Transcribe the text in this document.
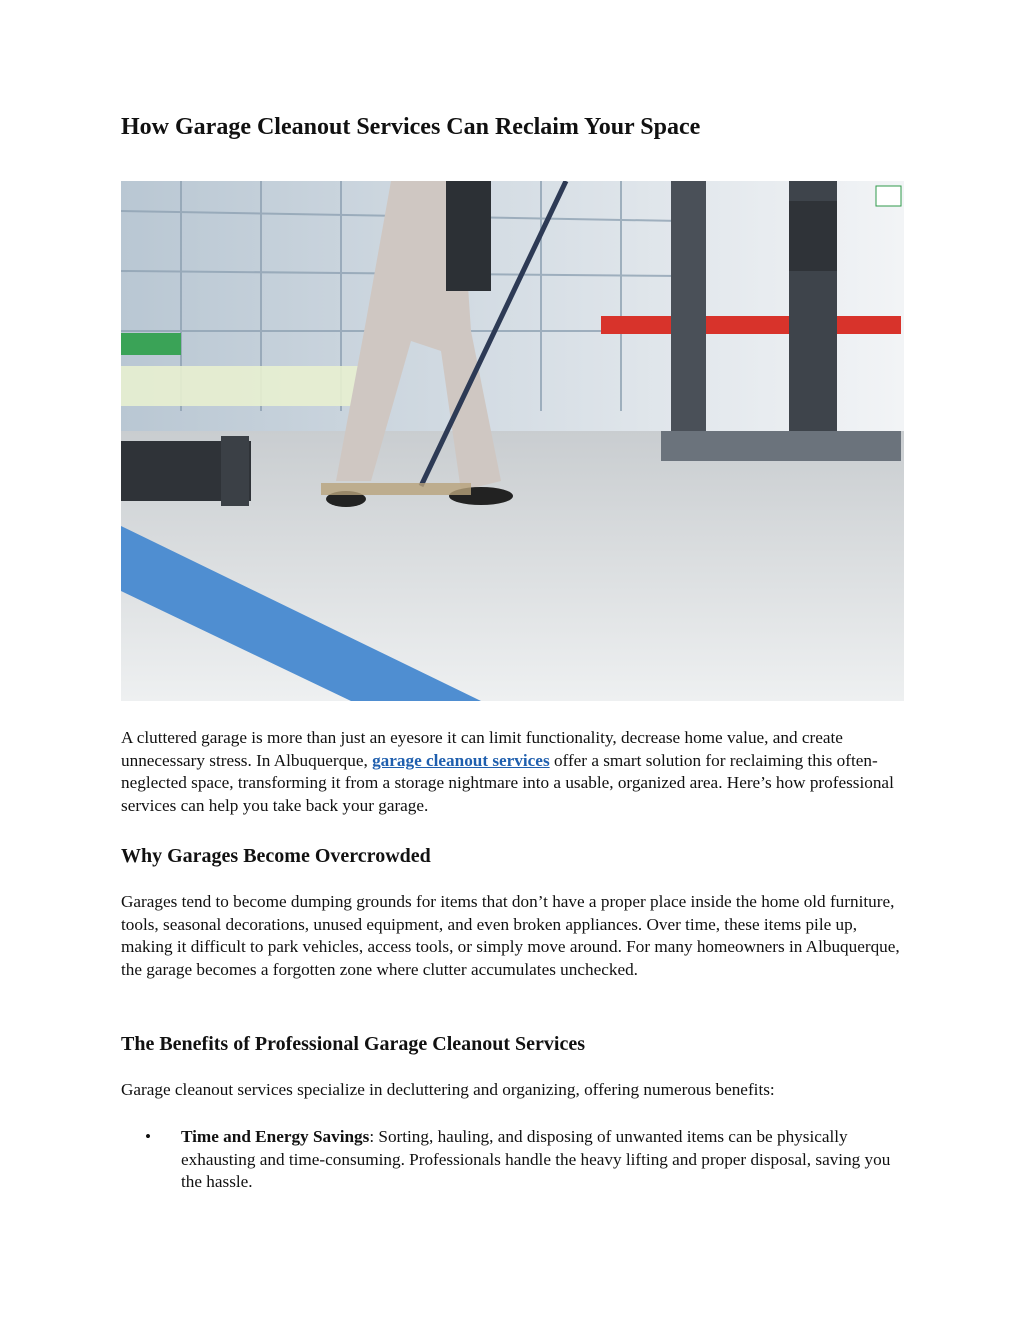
How Garage Cleanout Services Can Reclaim Your Space

A cluttered garage is more than just an eyesore it can limit functionality, decrease home value, and create unnecessary stress. In Albuquerque, garage cleanout services offer a smart solution for reclaiming this often-neglected space, transforming it from a storage nightmare into a usable, organized area. Here’s how professional services can help you take back your garage.

Why Garages Become Overcrowded

Garages tend to become dumping grounds for items that don’t have a proper place inside the home old furniture, tools, seasonal decorations, unused equipment, and even broken appliances. Over time, these items pile up, making it difficult to park vehicles, access tools, or simply move around. For many homeowners in Albuquerque, the garage becomes a forgotten zone where clutter accumulates unchecked.

The Benefits of Professional Garage Cleanout Services

Garage cleanout services specialize in decluttering and organizing, offering numerous benefits:

• Time and Energy Savings: Sorting, hauling, and disposing of unwanted items can be physically exhausting and time-consuming. Professionals handle the heavy lifting and proper disposal, saving you the hassle.
